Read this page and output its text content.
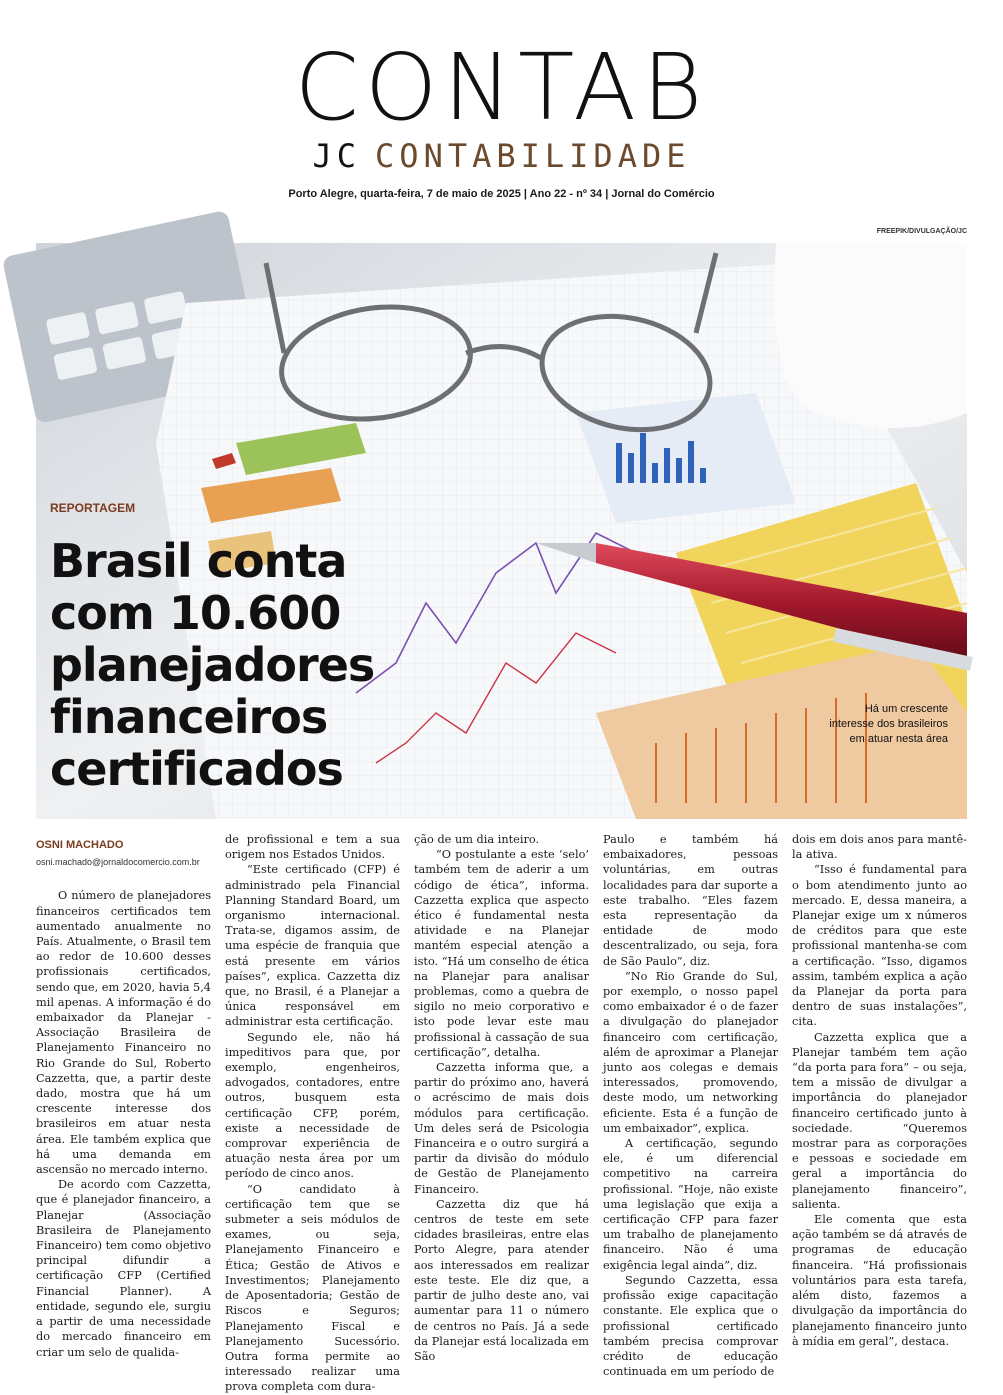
CONTAB
JC CONTABILIDADE
Porto Alegre, quarta-feira, 7 de maio de 2025 | Ano 22 - nº 34 | Jornal do Comércio
FREEPIK/DIVULGAÇÃO/JC
REPORTAGEM
Brasil conta com 10.600 planejadores financeiros certificados
Há um crescente interesse dos brasileiros em atuar nesta área
OSNI MACHADO
osni.machado@jornaldocomercio.com.br

O número de planejadores financeiros certificados tem aumentado anualmente no País. Atualmente, o Brasil tem ao redor de 10.600 desses profissionais certificados, sendo que, em 2020, havia 5,4 mil apenas. A informação é do embaixador da Planejar - Associação Brasileira de Planejamento Financeiro no Rio Grande do Sul, Roberto Cazzetta, que, a partir deste dado, mostra que há um crescente interesse dos brasileiros em atuar nesta área. Ele também explica que há uma demanda em ascensão no mercado interno.

De acordo com Cazzetta, que é planejador financeiro, a Planejar (Associação Brasileira de Planejamento Financeiro) tem como objetivo principal difundir a certificação CFP (Certified Financial Planner). A entidade, segundo ele, surgiu a partir de uma necessidade do mercado financeiro em criar um selo de qualida-

de profissional e tem a sua origem nos Estados Unidos.

“Este certificado (CFP) é administrado pela Financial Planning Standard Board, um organismo internacional. Trata-se, digamos assim, de uma espécie de franquia que está presente em vários países”, explica. Cazzetta diz que, no Brasil, é a Planejar a única responsável em administrar esta certificação.

Segundo ele, não há impeditivos para que, por exemplo, engenheiros, advogados, contadores, entre outros, busquem esta certificação CFP, porém, existe a necessidade de comprovar experiência de atuação nesta área por um período de cinco anos.

“O candidato à certificação tem que se submeter a seis módulos de exames, ou seja, Planejamento Financeiro e Ética; Gestão de Ativos e Investimentos; Planejamento de Aposentadoria; Gestão de Riscos e Seguros; Planejamento Fiscal e Planejamento Sucessório. Outra forma permite ao interessado realizar uma prova completa com dura-

ção de um dia inteiro.

“O postulante a este ‘selo’ também tem de aderir a um código de ética”, informa. Cazzetta explica que aspecto ético é fundamental nesta atividade e na Planejar mantém especial atenção a isto. “Há um conselho de ética na Planejar para analisar problemas, como a quebra de sigilo no meio corporativo e isto pode levar este mau profissional à cassação de sua certificação”, detalha.

Cazzetta informa que, a partir do próximo ano, haverá o acréscimo de mais dois módulos para certificação. Um deles será de Psicologia Financeira e o outro surgirá a partir da divisão do módulo de Gestão de Planejamento Financeiro.

Cazzetta diz que há centros de teste em sete cidades brasileiras, entre elas Porto Alegre, para atender aos interessados em realizar este teste. Ele diz que, a partir de julho deste ano, vai aumentar para 11 o número de centros no País. Já a sede da Planejar está localizada em São

Paulo e também há embaixadores, pessoas voluntárias, em outras localidades para dar suporte a este trabalho. “Eles fazem esta representação da entidade de modo descentralizado, ou seja, fora de São Paulo”, diz.

“No Rio Grande do Sul, por exemplo, o nosso papel como embaixador é o de fazer a divulgação do planejador financeiro com certificação, além de aproximar a Planejar junto aos colegas e demais interessados, promovendo, deste modo, um networking eficiente. Esta é a função de um embaixador”, explica.

A certificação, segundo ele, é um diferencial competitivo na carreira profissional. “Hoje, não existe uma legislação que exija a certificação CFP para fazer um trabalho de planejamento financeiro. Não é uma exigência legal ainda”, diz.

Segundo Cazzetta, essa profissão exige capacitação constante. Ele explica que o profissional certificado também precisa comprovar crédito de educação continuada em um período de

dois em dois anos para mantê-la ativa.

“Isso é fundamental para o bom atendimento junto ao mercado. E, dessa maneira, a Planejar exige um x números de créditos para que este profissional mantenha-se com a certificação. “Isso, digamos assim, também explica a ação da Planejar da porta para dentro de suas instalações”, cita.

Cazzetta explica que a Planejar também tem ação “da porta para fora” – ou seja, tem a missão de divulgar a importância do planejador financeiro certificado junto à sociedade. “Queremos mostrar para as corporações e pessoas e sociedade em geral a importância do planejamento financeiro”, salienta.

Ele comenta que esta ação também se dá através de programas de educação financeira. “Há profissionais voluntários para esta tarefa, além disto, fazemos a divulgação da importância do planejamento financeiro junto à mídia em geral”, destaca.
